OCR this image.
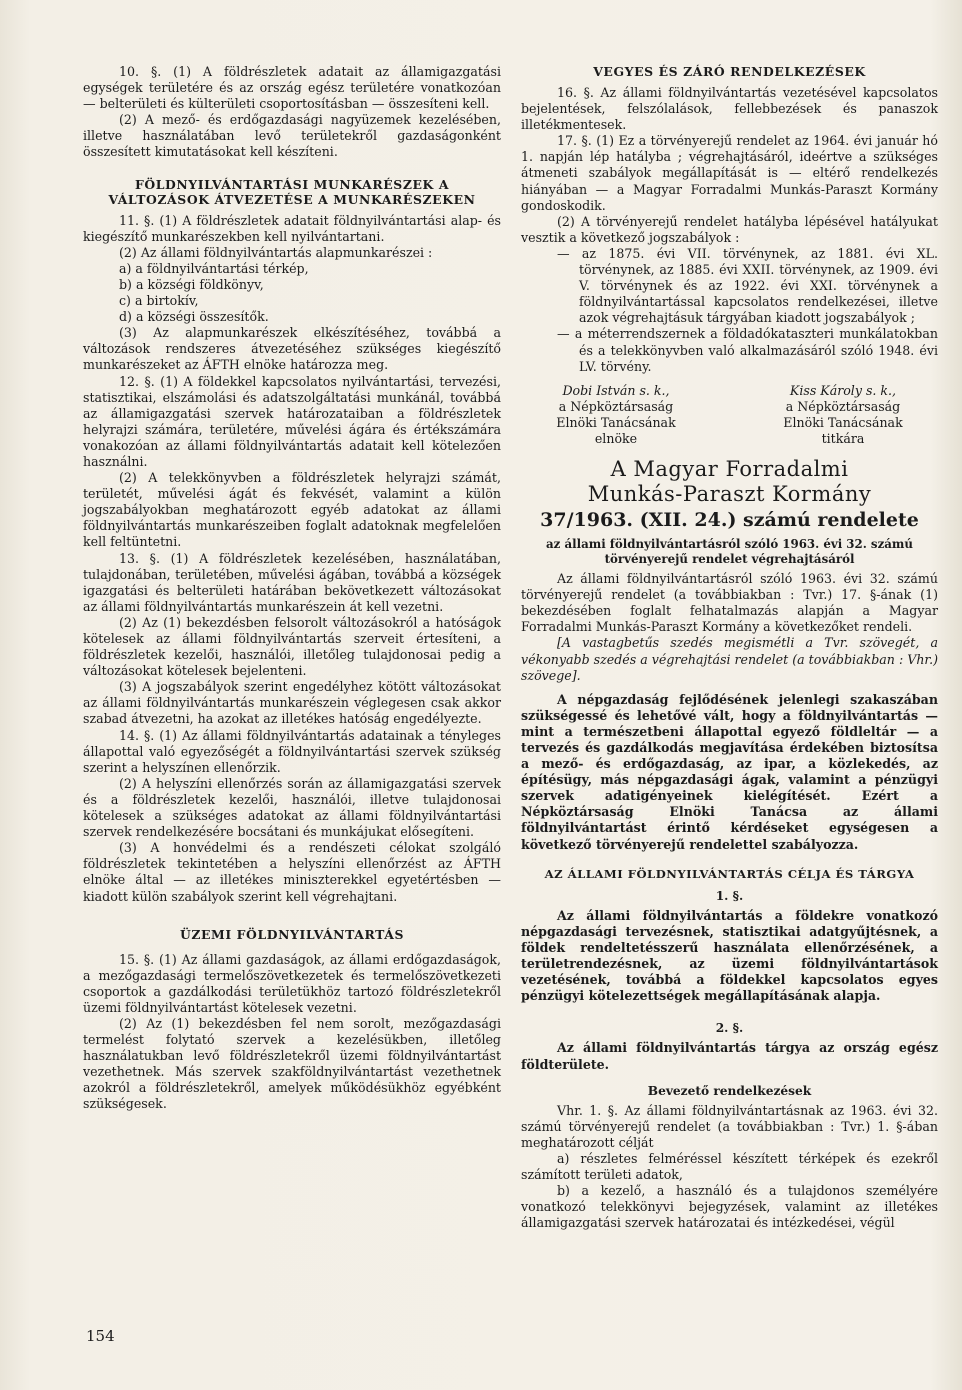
10. §. (1) A földrészletek adatait az államigazgatási egységek területére és az ország egész területére vonatkozóan — belterületi és külterületi csoportosításban — összesíteni kell.

(2) A mező- és erdőgazdasági nagyüzemek kezelésében, illetve használatában levő területekről gazdaságonként összesített kimutatásokat kell készíteni.

FÖLDNYILVÁNTARTÁSI MUNKARÉSZEK A VÁLTOZÁSOK ÁTVEZETÉSE A MUNKARÉSZEKEN

11. §. (1) A földrészletek adatait földnyilvántartási alap- és kiegészítő munkarészekben kell nyilvántartani.

(2) Az állami földnyilvántartás alapmunkarészei :

a) a földnyilvántartási térkép,

b) a községi földkönyv,

c) a birtokív,

d) a községi összesítők.

(3) Az alapmunkarészek elkészítéséhez, továbbá a változások rendszeres átvezetéséhez szükséges kiegészítő munkarészeket az ÁFTH elnöke határozza meg.

12. §. (1) A földekkel kapcsolatos nyilvántartási, tervezési, statisztikai, elszámolási és adatszolgáltatási munkánál, továbbá az államigazgatási szervek határozataiban a földrészletek helyrajzi számára, területére, művelési ágára és értékszámára vonakozóan az állami földnyilvántartás adatait kell kötelezően használni.

(2) A telekkönyvben a földrészletek helyrajzi számát, területét, művelési ágát és fekvését, valamint a külön jogszabályokban meghatározott egyéb adatokat az állami földnyilvántartás munkarészeiben foglalt adatoknak megfelelően kell feltüntetni.

13. §. (1) A földrészletek kezelésében, használatában, tulajdonában, területében, művelési ágában, továbbá a községek igazgatási és belterületi határában bekövetkezett változásokat az állami földnyilvántartás munkarészein át kell vezetni.

(2) Az (1) bekezdésben felsorolt változásokról a hatóságok kötelesek az állami földnyilvántartás szerveit értesíteni, a földrészletek kezelői, használói, illetőleg tulajdonosai pedig a változásokat kötelesek bejelenteni.

(3) A jogszabályok szerint engedélyhez kötött változásokat az állami földnyilvántartás munkarészein véglegesen csak akkor szabad átvezetni, ha azokat az illetékes hatóság engedélyezte.

14. §. (1) Az állami földnyilvántartás adatainak a tényleges állapottal való egyezőségét a földnyilvántartási szervek szükség szerint a helyszínen ellenőrzik.

(2) A helyszíni ellenőrzés során az államigazgatási szervek és a földrészletek kezelői, használói, illetve tulajdonosai kötelesek a szükséges adatokat az állami földnyilvántartási szervek rendelkezésére bocsátani és munkájukat elősegíteni.

(3) A honvédelmi és a rendészeti célokat szolgáló földrészletek tekintetében a helyszíni ellenőrzést az ÁFTH elnöke által — az illetékes miniszterekkel egyetértésben — kiadott külön szabályok szerint kell végrehajtani.

ÜZEMI FÖLDNYILVÁNTARTÁS

15. §. (1) Az állami gazdaságok, az állami erdőgazdaságok, a mezőgazdasági termelőszövetkezetek és termelőszövetkezeti csoportok a gazdálkodási területükhöz tartozó földrészletekről üzemi földnyilvántartást kötelesek vezetni.

(2) Az (1) bekezdésben fel nem sorolt, mezőgazdasági termelést folytató szervek a kezelésükben, illetőleg használatukban levő földrészletekről üzemi földnyilvántartást vezethetnek. Más szervek szakföldnyilvántartást vezethetnek azokról a földrészletekről, amelyek működésükhöz egyébként szükségesek.

VEGYES ÉS ZÁRÓ RENDELKEZÉSEK

16. §. Az állami földnyilvántartás vezetésével kapcsolatos bejelentések, felszólalások, fellebbezések és panaszok illetékmentesek.

17. §. (1) Ez a törvényerejű rendelet az 1964. évi január hó 1. napján lép hatályba ; végrehajtásáról, ideértve a szükséges átmeneti szabályok megállapítását is — eltérő rendelkezés hiányában — a Magyar Forradalmi Munkás-Paraszt Kormány gondoskodik.

(2) A törvényerejű rendelet hatályba lépésével hatályukat vesztik a következő jogszabályok :

— az 1875. évi VII. törvénynek, az 1881. évi XL. törvénynek, az 1885. évi XXII. törvénynek, az 1909. évi V. törvénynek és az 1922. évi XXI. törvénynek a földnyilvántartással kapcsolatos rendelkezései, illetve azok végrehajtásuk tárgyában kiadott jogszabályok ;

— a méterrendszernek a földadókataszteri munkálatokban és a telekkönyvben való alkalmazásáról szóló 1948. évi LV. törvény.

Dobi István s. k.,
a Népköztársaság
Elnöki Tanácsának
elnöke
Kiss Károly s. k.,
a Népköztársaság
Elnöki Tanácsának
titkára

A Magyar Forradalmi

Munkás-Paraszt Kormány

37/1963. (XII. 24.) számú rendelete

az állami földnyilvántartásról szóló 1963. évi 32. számú törvényerejű rendelet végrehajtásáról

Az állami földnyilvántartásról szóló 1963. évi 32. számú törvényerejű rendelet (a továbbiakban : Tvr.) 17. §-ának (1) bekezdésében foglalt felhatalmazás alapján a Magyar Forradalmi Munkás-Paraszt Kormány a következőket rendeli.

[A vastagbetűs szedés megismétli a Tvr. szövegét, a vékonyabb szedés a végrehajtási rendelet (a továbbiakban : Vhr.) szövege].

A népgazdaság fejlődésének jelenlegi szakaszában szükségessé és lehetővé vált, hogy a földnyilvántartás — mint a természetbeni állapottal egyező földleltár — a tervezés és gazdálkodás megjavítása érdekében biztosítsa a mező- és erdőgazdaság, az ipar, a közlekedés, az építésügy, más népgazdasági ágak, valamint a pénzügyi szervek adatigényeinek kielégítését. Ezért a Népköztársaság Elnöki Tanácsa az állami földnyilvántartást érintő kérdéseket egységesen a következő törvényerejű rendelettel szabályozza.

AZ ÁLLAMI FÖLDNYILVÁNTARTÁS CÉLJA ÉS TÁRGYA

1. §.

Az állami földnyilvántartás a földekre vonatkozó népgazdasági tervezésnek, statisztikai adatgyűjtésnek, a földek rendeltetésszerű használata ellenőrzésének, a területrendezésnek, az üzemi földnyilvántartások vezetésének, továbbá a földekkel kapcsolatos egyes pénzügyi kötelezettségek megállapításának alapja.

2. §.

Az állami földnyilvántartás tárgya az ország egész földterülete.

Bevezető rendelkezések

Vhr. 1. §. Az állami földnyilvántartásnak az 1963. évi 32. számú törvényerejű rendelet (a továbbiakban : Tvr.) 1. §-ában meghatározott célját

a) részletes felméréssel készített térképek és ezekről számított területi adatok,

b) a kezelő, a használó és a tulajdonos személyére vonatkozó telekkönyvi bejegyzések, valamint az illetékes államigazgatási szervek határozatai és intézkedései, végül

154
